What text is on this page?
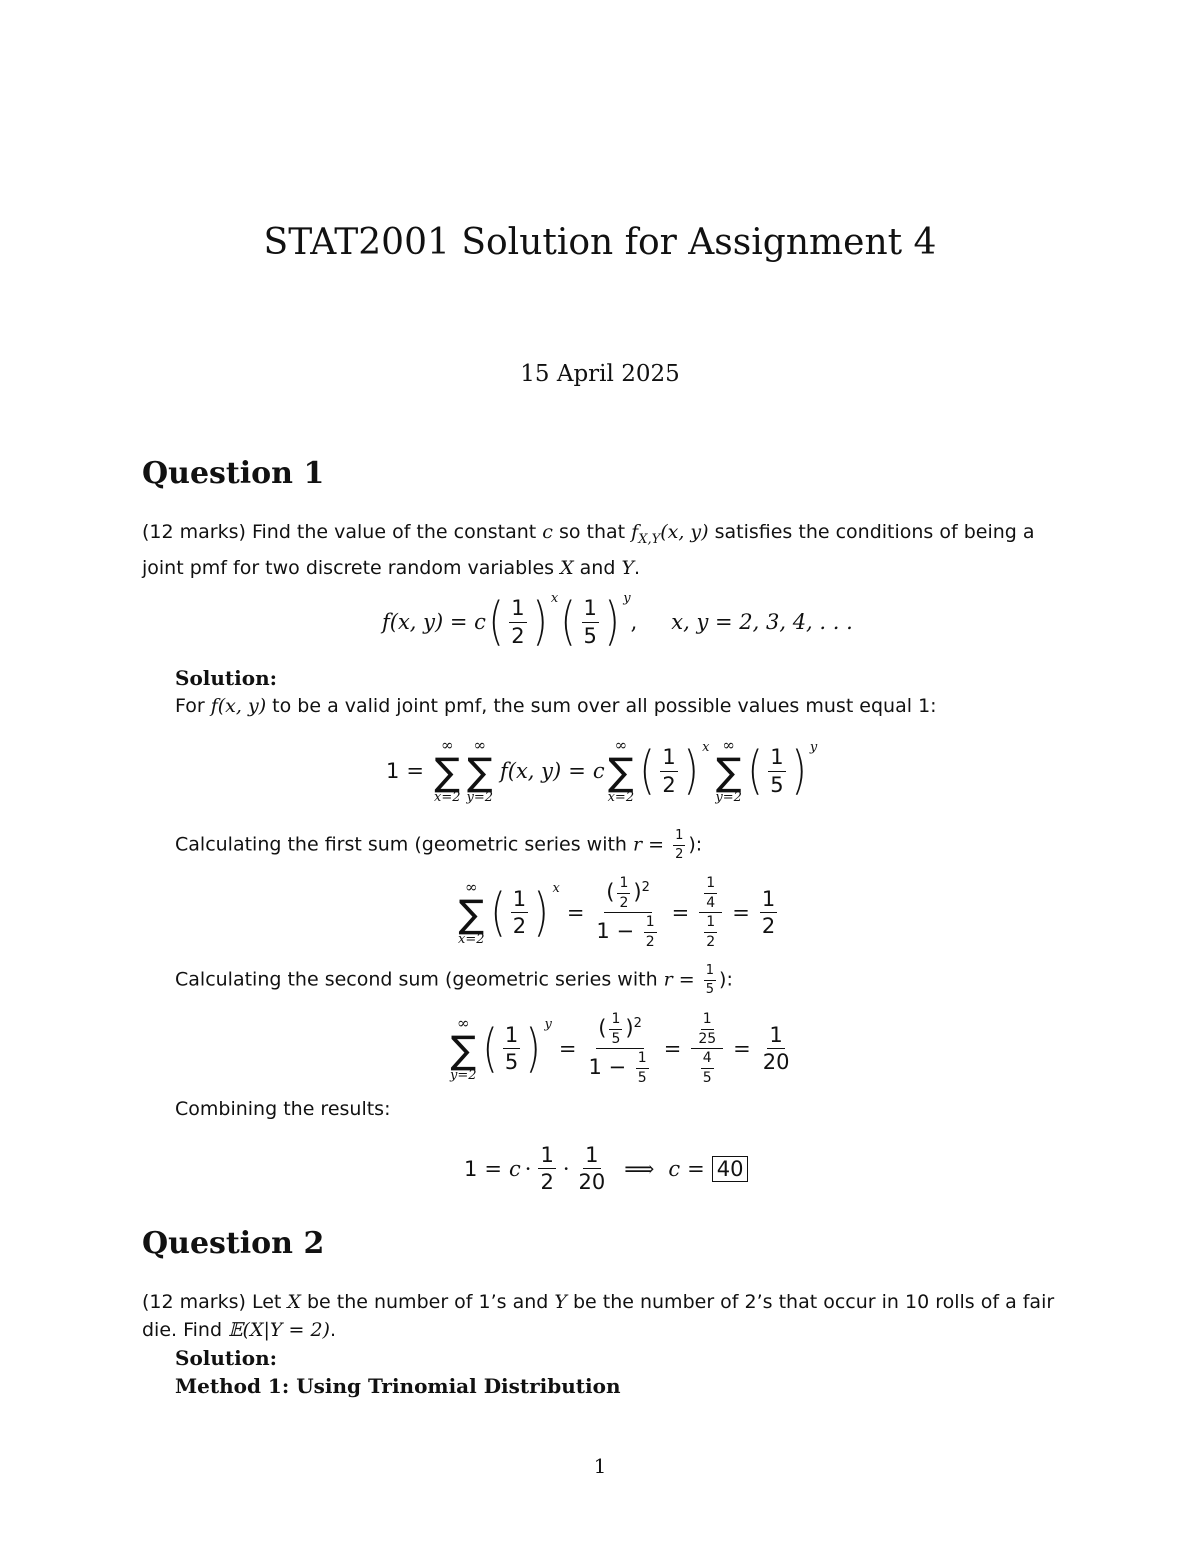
STAT2001 Solution for Assignment 4
15 April 2025
Question 1
(12 marks) Find the value of the constant c so that $f_{X,Y}(x$, y) satisfies the conditions of being a joint pmf for two discrete random variables X and Y.
f(x, y) = c ( $\frac{1}{2}$ ) x ( $\frac{1}{5}$ ) y
, x, y = 2, 3, 4, . . .
Solution:
For f(x, y) to be a valid joint pmf, the sum over all possible values must equal 1:
1 =
∞
∑
x=2
∞
∑
y=2
f(x, y) = c
∞
∑
x=2 ( $\frac{1}{2}$ ) x ∞
∑
y=2 ( $\frac{1}{5}$ ) y
Calculating the first sum (geometric series with $r = \frac{1}{2}$ ):
∞
∑
x=2 ( $\frac{1}{2}$ ) x
= $\frac{( \frac{1}{2} )^2}{1 - \frac{1}{2}} = \frac{\frac{1}{4}}{\frac{1}{2}} = \frac{1}{2}$
Calculating the second sum (geometric series with $r = \frac{1}{5}$ ):
∞
∑
y=2 ( $\frac{1}{5}$ ) y
= $\frac{( \frac{1}{5} )^2}{1 - \frac{1}{5}} = \frac{\frac{1}{25}}{\frac{4}{5}} = \frac{1}{20}$
Combining the results:
$1 = c \cdot \frac{1}{2} \cdot \frac{1}{20}$ ⟹ c = 40
Question 2
(12 marks) Let X be the number of 1’s and Y be the number of 2’s that occur in 10 rolls of a fair die. Find 𝔼(X|Y = 2).
Solution:
Method 1: Using Trinomial Distribution
1
